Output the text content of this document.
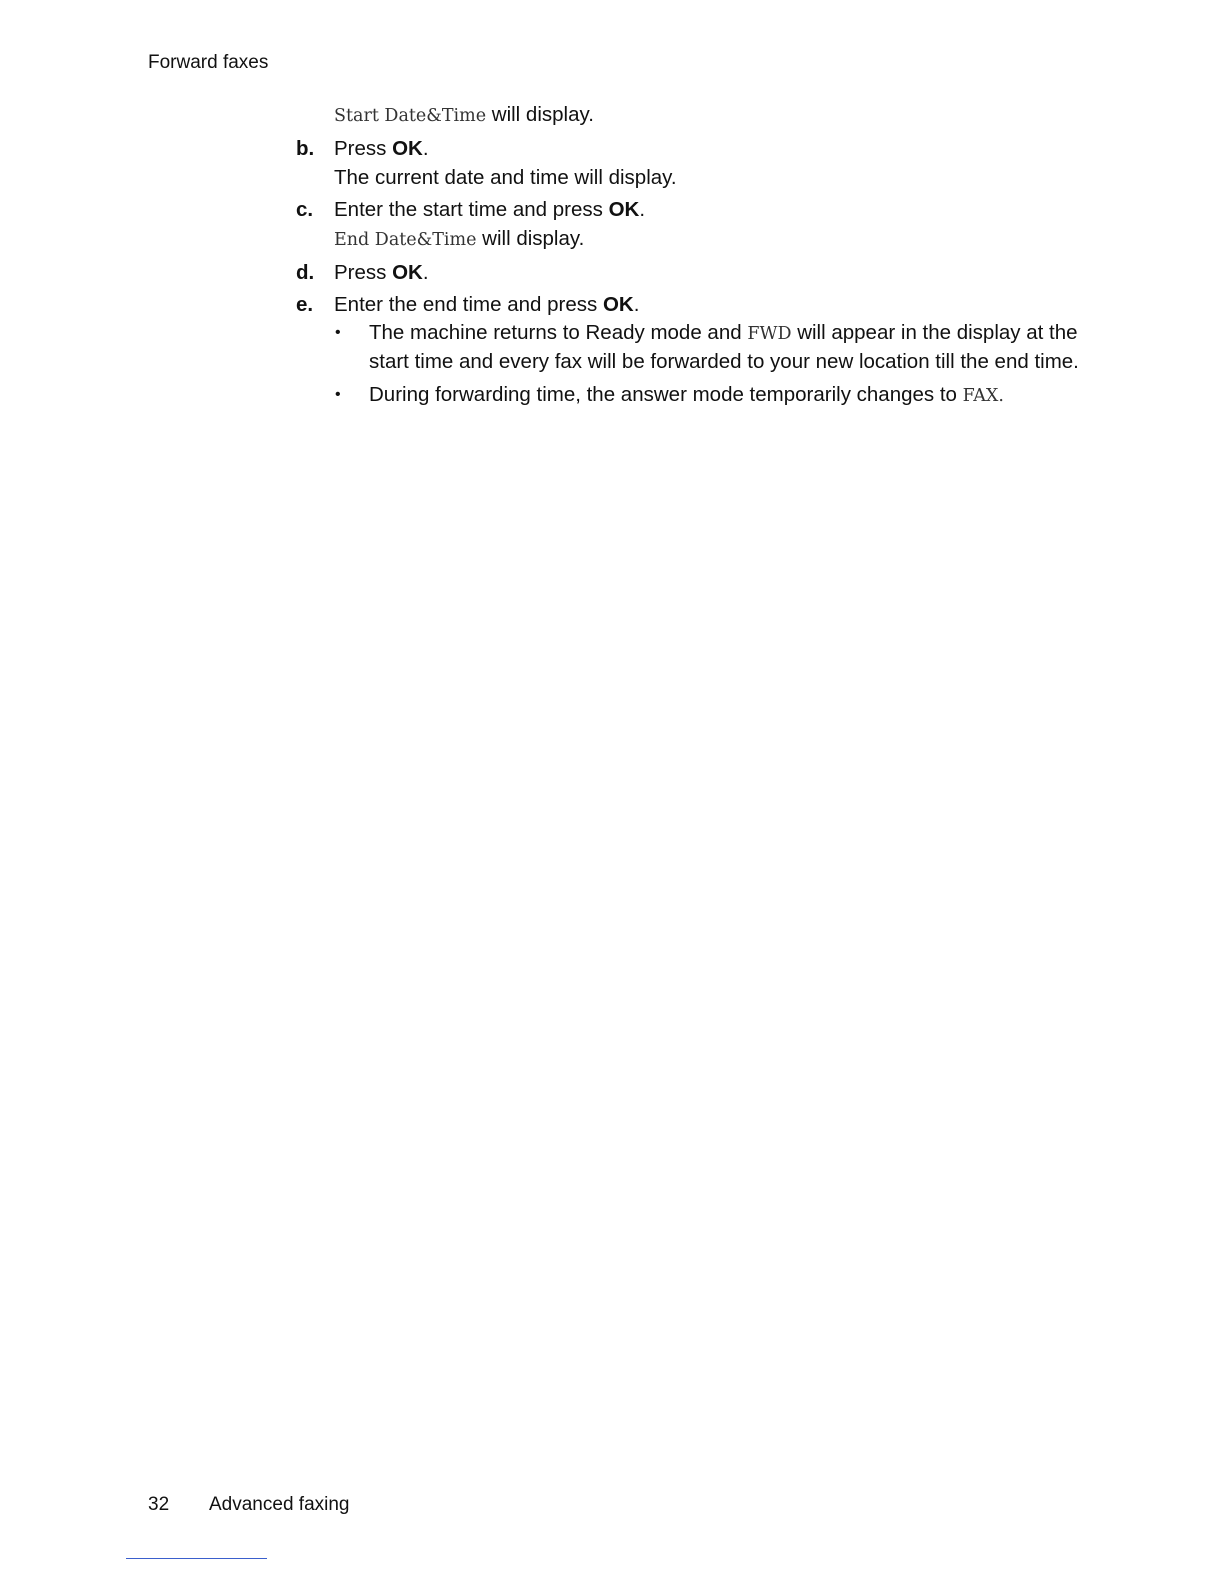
Forward faxes

Start Date&Time will display.

b. Press OK.

The current date and time will display.

c.	Enter the start time and press OK.

End Date&Time will display.

d. Press OK.

e.	Enter the end time and press OK.

• The machine returns to Ready mode and FWD will appear in the display at the start time and every fax will be forwarded to your new location till the end time.
• During forwarding time, the answer mode temporarily changes to FAX.
32 Advanced faxing
